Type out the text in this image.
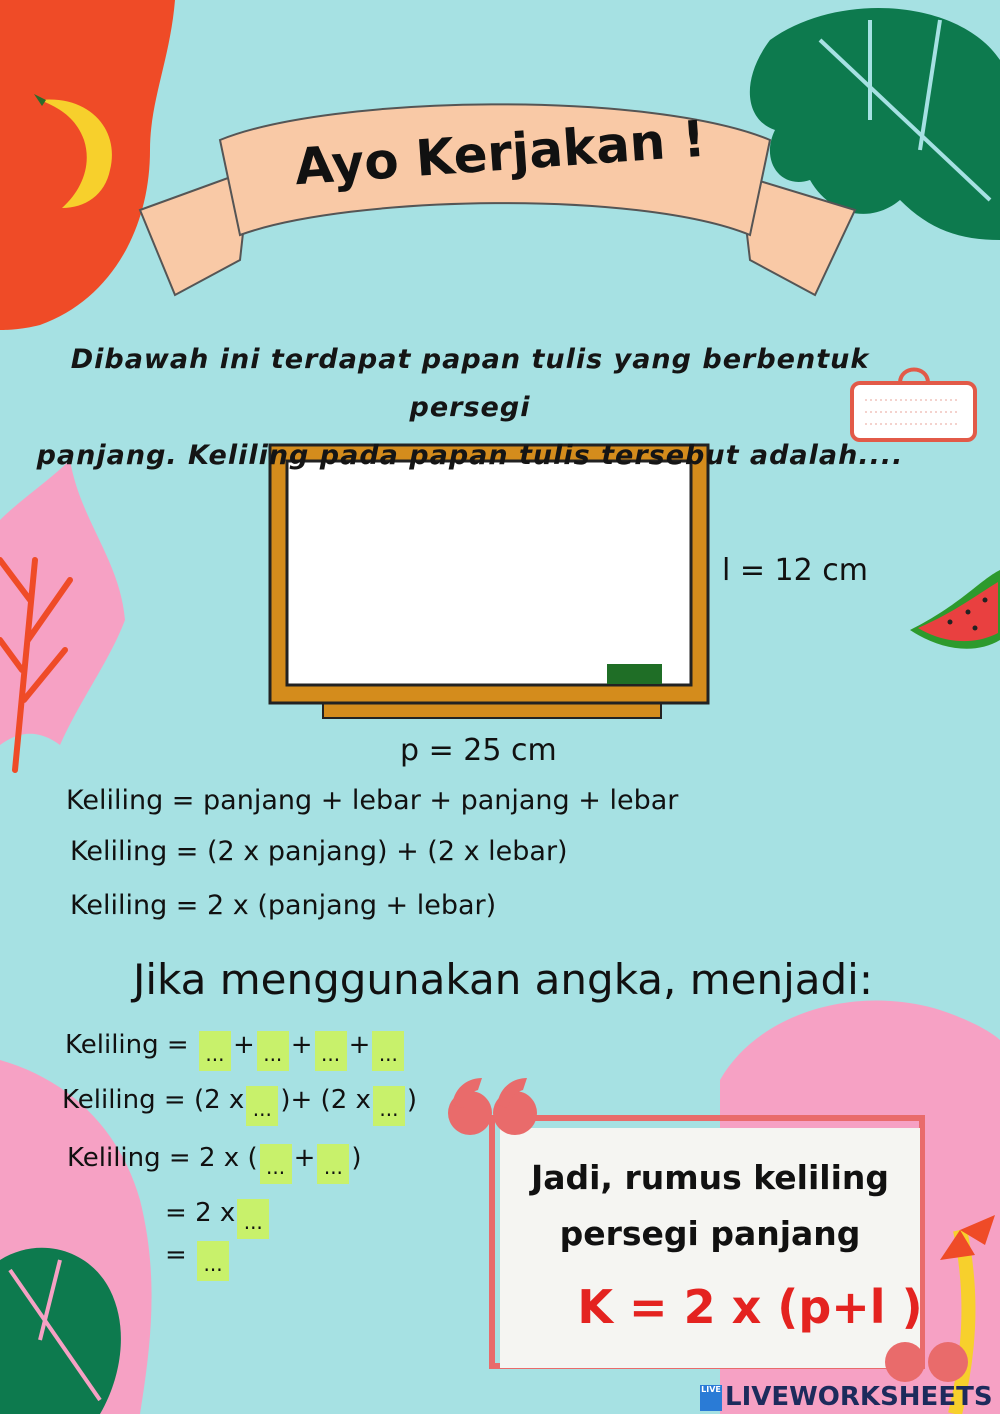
Ayo Kerjakan !
Dibawah ini terdapat papan tulis yang berbentuk persegi
panjang. Keliling pada papan tulis tersebut adalah....
l = 12 cm
p = 25 cm
Keliling = panjang + lebar + panjang + lebar
Keliling = (2 x panjang) + (2 x lebar)
Keliling = 2 x (panjang + lebar)
Jika menggunakan angka, menjadi:
Keliling = ... + ... + ... + ...
Keliling = (2 x ... )+ (2 x ... )
Keliling = 2 x ( ... + ... )
= 2 x ...
= ...
Jadi, rumus keliling
persegi panjang
K = 2 x (p+l )
LIVE LIVEWORKSHEETS
